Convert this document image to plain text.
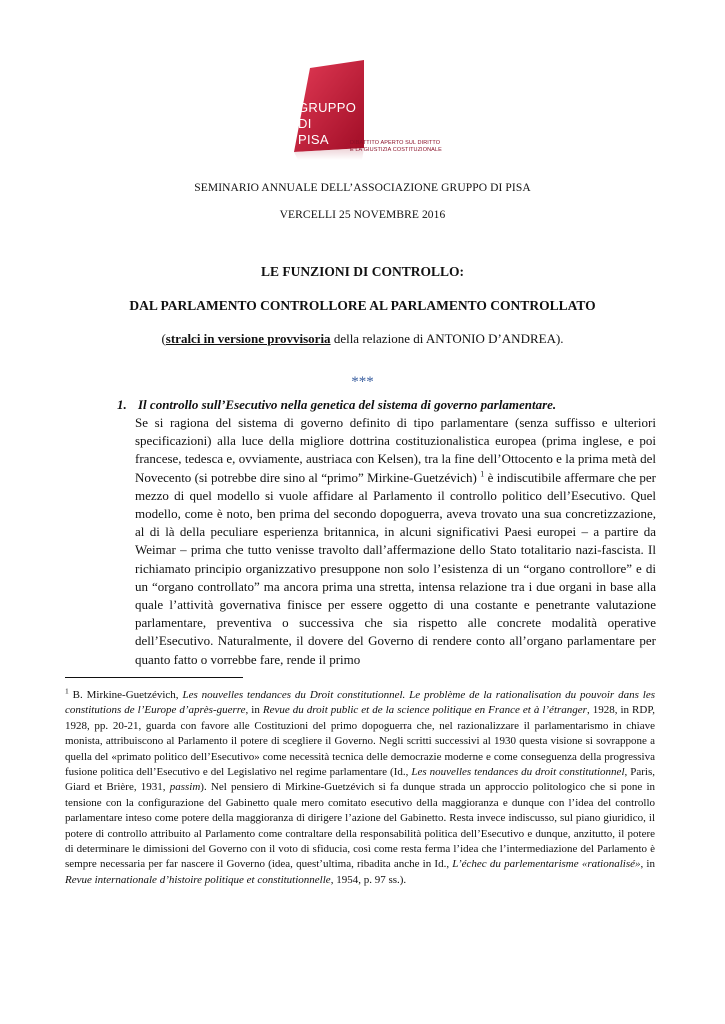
GRUPPO
DI
PISA	DIBATTITO APERTO SUL DIRITTO
E LA GIUSTIZIA COSTITUZIONALE
SEMINARIO ANNUALE DELL’ASSOCIAZIONE GRUPPO DI PISA
VERCELLI 25 NOVEMBRE 2016
LE FUNZIONI DI CONTROLLO:
DAL PARLAMENTO CONTROLLORE AL PARLAMENTO CONTROLLATO
(stralci in versione provvisoria della relazione di ANTONIO D’ANDREA).
***
1. Il controllo sull’Esecutivo nella genetica del sistema di governo parlamentare.
Se si ragiona del sistema di governo definito di tipo parlamentare (senza suffisso e ulteriori specificazioni) alla luce della migliore dottrina costituzionalistica europea (prima inglese, e poi francese, tedesca e, ovviamente, austriaca con Kelsen), tra la fine dell’Ottocento e la prima metà del Novecento (si potrebbe dire sino al “primo” Mirkine-Guetzévich) $^1$ è indiscutibile affermare che per mezzo di quel modello si vuole affidare al Parlamento il controllo politico dell’Esecutivo. Quel modello, come è noto, ben prima del secondo dopoguerra, aveva trovato una sua concretizzazione, al di là della peculiare esperienza britannica, in alcuni significativi Paesi europei – a partire da Weimar – prima che tutto venisse travolto dall’affermazione dello Stato totalitario nazi-fascista. Il richiamato principio organizzativo presuppone non solo l’esistenza di un “organo controllore” e di un “organo controllato” ma ancora prima una stretta, intensa relazione tra i due organi in base alla quale l’attività governativa finisce per essere oggetto di una costante e penetrante valutazione parlamentare, preventiva o successiva che sia rispetto alle concrete modalità operative dell’Esecutivo. Naturalmente, il dovere del Governo di rendere conto all’organo parlamentare per quanto fatto o vorrebbe fare, rende il primo
$^1$ B. Mirkine-Guetzévich, Les nouvelles tendances du Droit constitutionnel. Le problème de la rationalisation du pouvoir dans les constitutions de l’Europe d’après-guerre, in Revue du droit public et de la science politique en France et à l’étranger, 1928, in RDP, 1928, pp. 20-21, guarda con favore alle Costituzioni del primo dopoguerra che, nel razionalizzare il parlamentarismo in chiave monista, attribuiscono al Parlamento il potere di scegliere il Governo. Negli scritti successivi al 1930 questa visione si sovrappone a quella del «primato politico dell’Esecutivo» come necessità tecnica delle democrazie moderne e come conseguenza della progressiva fusione politica dell’Esecutivo e del Legislativo nel regime parlamentare (Id., Les nouvelles tendances du droit constitutionnel, Paris, Giard et Brière, 1931, passim). Nel pensiero di Mirkine-Guetzévich si fa dunque strada un approccio politologico che si pone in tensione con la configurazione del Gabinetto quale mero comitato esecutivo della maggioranza e dunque con l’idea del controllo parlamentare inteso come potere della maggioranza di dirigere l’azione del Gabinetto. Resta invece indiscusso, sul piano giuridico, il potere di controllo attribuito al Parlamento come contraltare della responsabilità politica dell’Esecutivo e dunque, anzitutto, il potere di determinare le dimissioni del Governo con il voto di sfiducia, così come resta ferma l’idea che l’intermediazione del Parlamento è sempre necessaria per far nascere il Governo (idea, quest’ultima, ribadita anche in Id., L’échec du parlementarisme «rationalisé», in Revue internationale d’histoire politique et constitutionnelle, 1954, p. 97 ss.).
